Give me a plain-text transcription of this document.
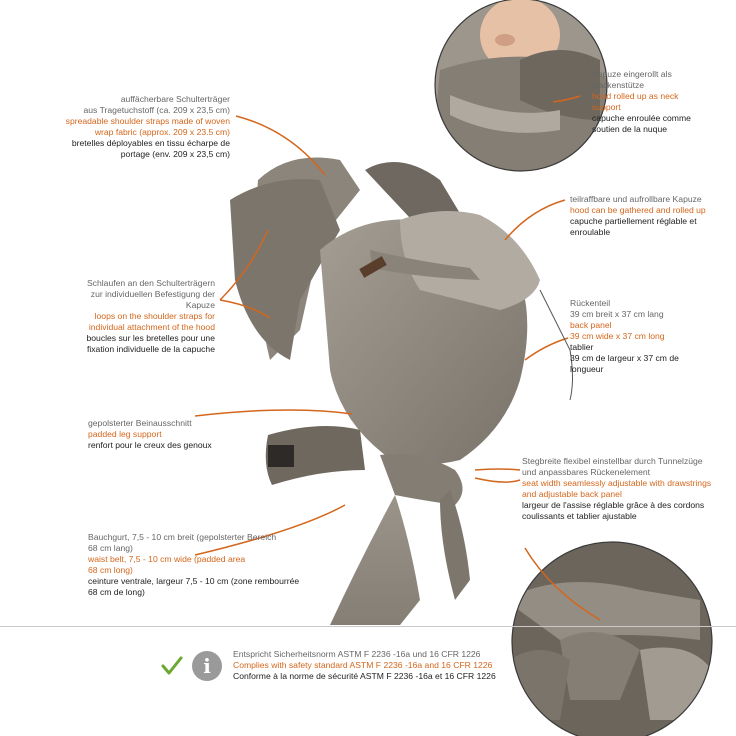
auffächerbare Schulterträger
aus Tragetuchstoff (ca. 209 x 23,5 cm)
spreadable shoulder straps made of woven
wrap fabric (approx. 209 x 23.5 cm)
bretelles déployables en tissu écharpe de
portage (env. 209 x 23,5 cm)
Schlaufen an den Schulterträgern
zur individuellen Befestigung der
Kapuze
loops on the shoulder straps for
individual attachment of the hood
boucles sur les bretelles pour une
fixation individuelle de la capuche
gepolsterter Beinausschnitt
padded leg support
renfort pour le creux des genoux
Bauchgurt, 7,5 - 10 cm breit (gepolsterter Bereich
68 cm lang)
waist belt, 7,5 - 10 cm wide (padded area
68 cm long)
ceinture ventrale, largeur 7,5 - 10 cm (zone rembourrée
68 cm de long)
Kapuze eingerollt als
Nackenstütze
hood rolled up as neck
support
capuche enroulée comme
soutien de la nuque
teilraffbare und aufrollbare Kapuze
hood can be gathered and rolled up
capuche partiellement réglable et
enroulable
Rückenteil
39 cm breit x 37 cm lang
back panel
39 cm wide x 37 cm long
tablier
39 cm de largeur x 37 cm de
longueur
Stegbreite flexibel einstellbar durch Tunnelzüge
und anpassbares Rückenelement
seat width seamlessly adjustable with drawstrings
and adjustable back panel
largeur de l'assise réglable grâce à des cordons
coulissants et tablier ajustable
i	Entspricht Sicherheitsnorm ASTM F 2236 -16a und 16 CFR 1226
Complies with safety standard ASTM F 2236 -16a and 16 CFR 1226
Conforme à la norme de sécurité ASTM F 2236 -16a et 16 CFR 1226
